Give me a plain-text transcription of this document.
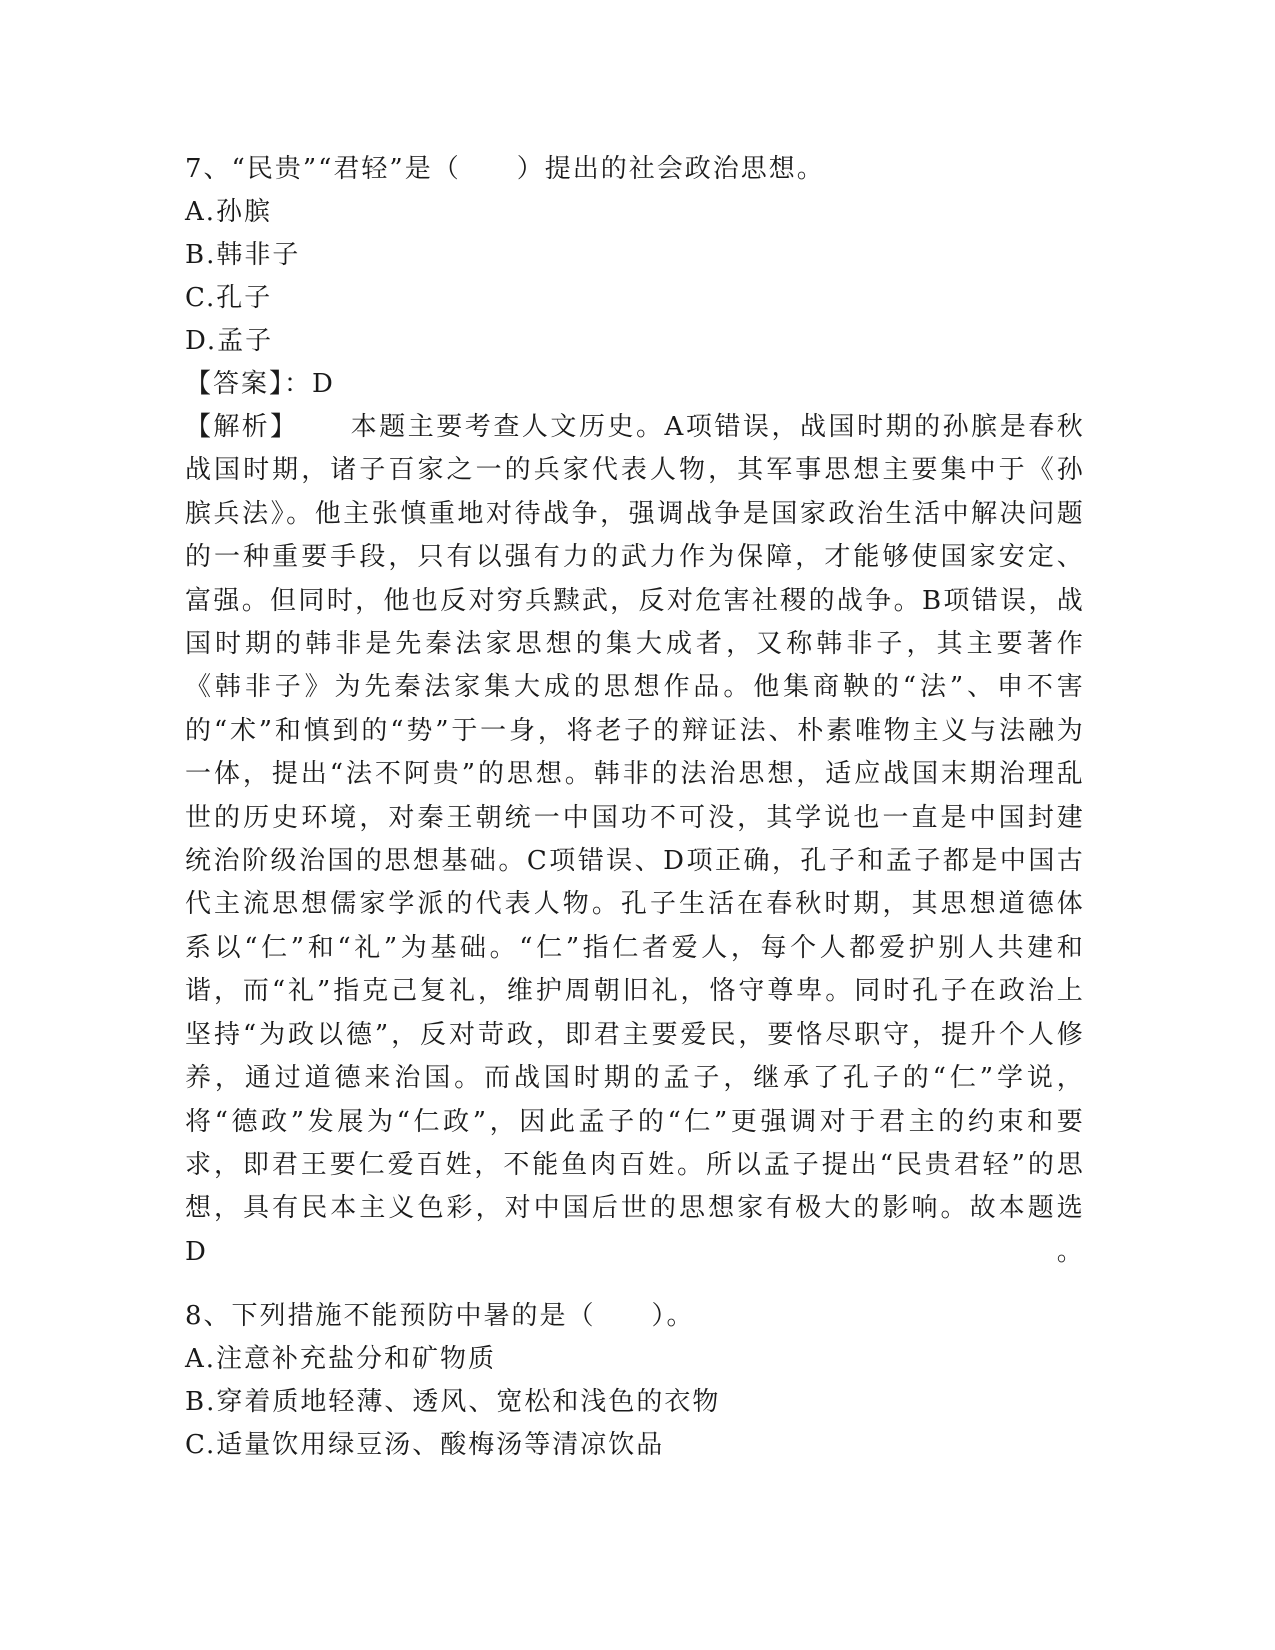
7、“民贵”“君轻”是（　　）提出的社会政治思想。
A.孙膑
B.韩非子
C.孔子
D.孟子
【答案】：D
【解析】 本题主要考查人文历史。A项错误，战国时期的孙膑是春秋战国时期，诸子百家之一的兵家代表人物，其军事思想主要集中于《孙膑兵法》。他主张慎重地对待战争，强调战争是国家政治生活中解决问题的一种重要手段，只有以强有力的武力作为保障，才能够使国家安定、富强。但同时，他也反对穷兵黩武，反对危害社稷的战争。B项错误，战国时期的韩非是先秦法家思想的集大成者，又称韩非子，其主要著作《韩非子》为先秦法家集大成的思想作品。他集商鞅的“法”、申不害的“术”和慎到的“势”于一身，将老子的辩证法、朴素唯物主义与法融为一体，提出“法不阿贵”的思想。韩非的法治思想，适应战国末期治理乱世的历史环境，对秦王朝统一中国功不可没，其学说也一直是中国封建统治阶级治国的思想基础。C项错误、D项正确，孔子和孟子都是中国古代主流思想儒家学派的代表人物。孔子生活在春秋时期，其思想道德体系以“仁”和“礼”为基础。“仁”指仁者爱人，每个人都爱护别人共建和谐，而“礼”指克己复礼，维护周朝旧礼，恪守尊卑。同时孔子在政治上坚持“为政以德”，反对苛政，即君主要爱民，要恪尽职守，提升个人修养，通过道德来治国。而战国时期的孟子，继承了孔子的“仁”学说，将“德政”发展为“仁政”，因此孟子的“仁”更强调对于君主的约束和要求，即君王要仁爱百姓，不能鱼肉百姓。所以孟子提出“民贵君轻”的思想，具有民本主义色彩，对中国后世的思想家有极大的影响。故本题选D。
8、下列措施不能预防中暑的是（　　）。
A.注意补充盐分和矿物质
B.穿着质地轻薄、透风、宽松和浅色的衣物
C.适量饮用绿豆汤、酸梅汤等清凉饮品
